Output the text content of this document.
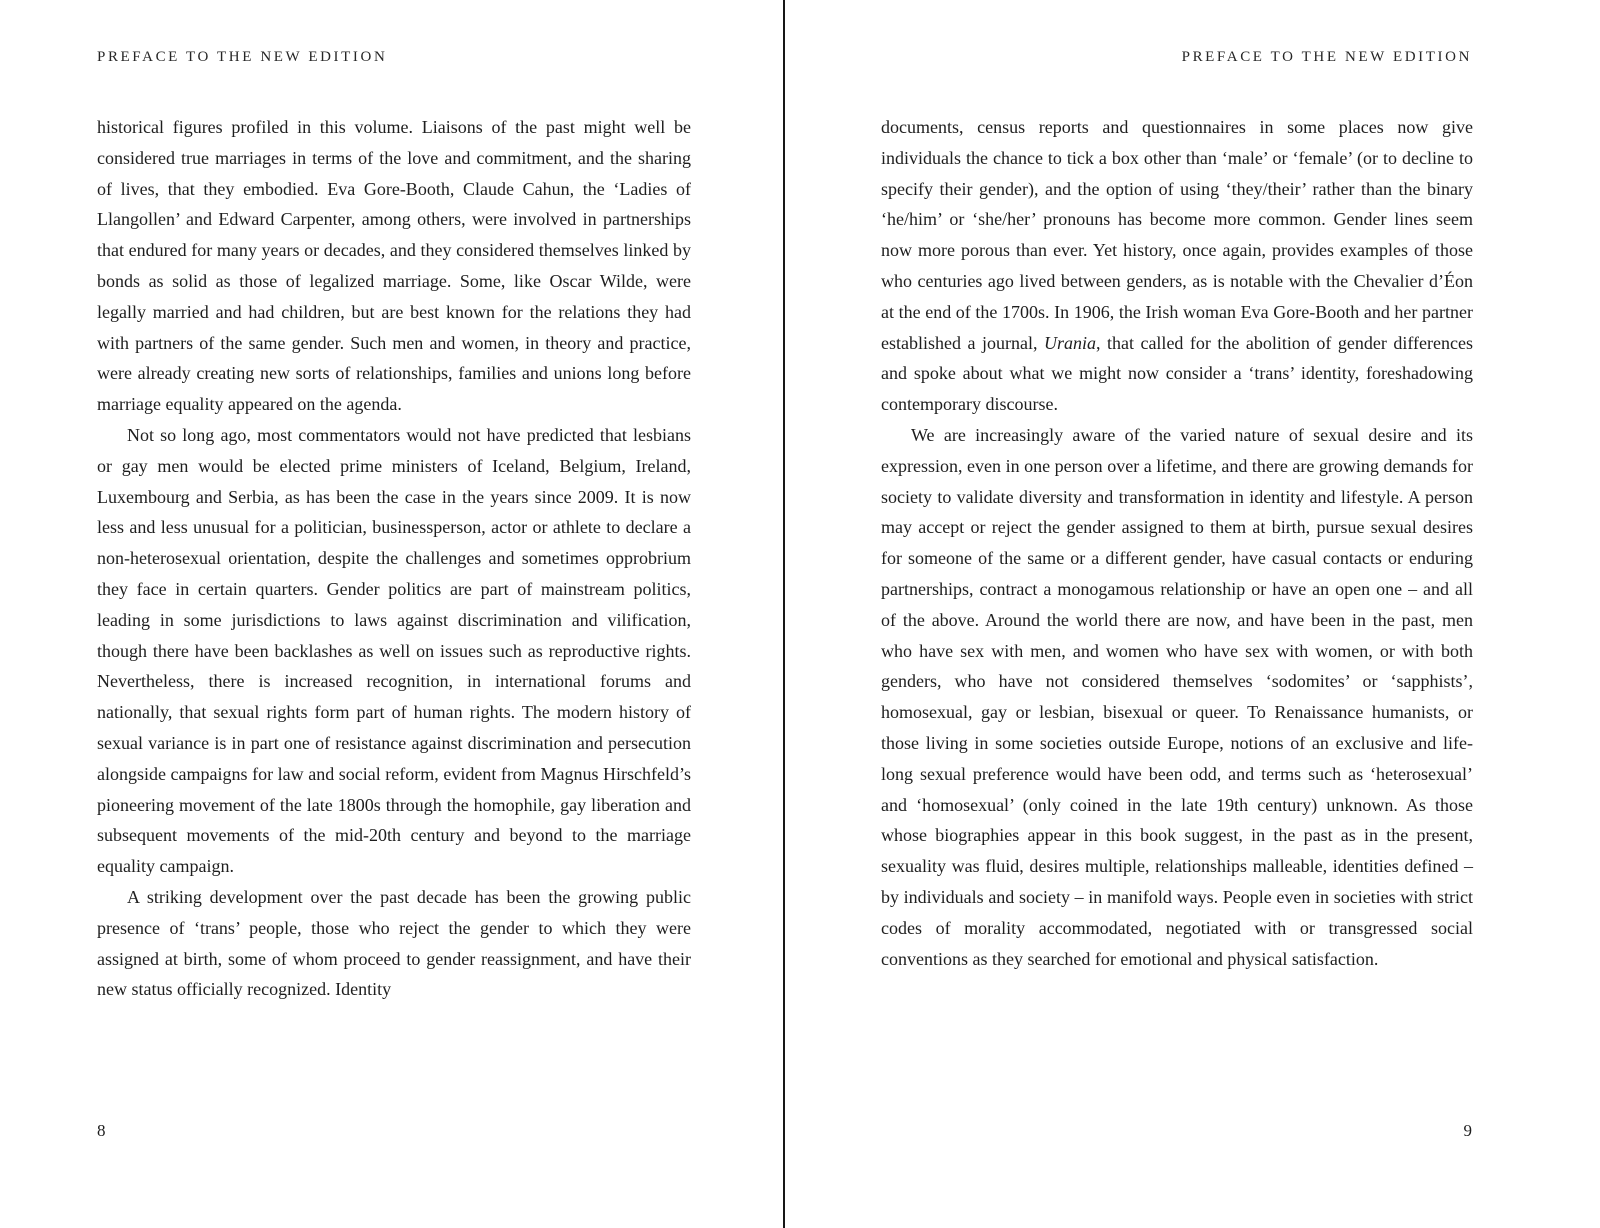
PREFACE TO THE NEW EDITION

historical figures profiled in this volume. Liaisons of the past might well be considered true marriages in terms of the love and commitment, and the sharing of lives, that they embodied. Eva Gore-Booth, Claude Cahun, the ‘Ladies of Llangollen’ and Edward Carpenter, among others, were involved in partnerships that endured for many years or decades, and they considered themselves linked by bonds as solid as those of legalized marriage. Some, like Oscar Wilde, were legally married and had children, but are best known for the relations they had with partners of the same gender. Such men and women, in theory and practice, were already creating new sorts of relationships, families and unions long before marriage equality appeared on the agenda.

Not so long ago, most commentators would not have predicted that lesbians or gay men would be elected prime ministers of Iceland, Belgium, Ireland, Luxembourg and Serbia, as has been the case in the years since 2009. It is now less and less unusual for a politician, businessperson, actor or athlete to declare a non-heterosexual orientation, despite the challenges and sometimes opprobrium they face in certain quarters. Gender politics are part of mainstream politics, leading in some jurisdictions to laws against discrimination and vilification, though there have been backlashes as well on issues such as reproductive rights. Nevertheless, there is increased recognition, in international forums and nationally, that sexual rights form part of human rights. The modern history of sexual variance is in part one of resistance against discrimination and persecution alongside campaigns for law and social reform, evident from Magnus Hirschfeld’s pioneering movement of the late 1800s through the homophile, gay liberation and subsequent movements of the mid-20th century and beyond to the marriage equality campaign.

A striking development over the past decade has been the growing public presence of ‘trans’ people, those who reject the gender to which they were assigned at birth, some of whom proceed to gender reassignment, and have their new status officially recognized. Identity

8
PREFACE TO THE NEW EDITION

documents, census reports and questionnaires in some places now give individuals the chance to tick a box other than ‘male’ or ‘female’ (or to decline to specify their gender), and the option of using ‘they/their’ rather than the binary ‘he/him’ or ‘she/her’ pronouns has become more common. Gender lines seem now more porous than ever. Yet history, once again, provides examples of those who centuries ago lived between genders, as is notable with the Chevalier d’Éon at the end of the 1700s. In 1906, the Irish woman Eva Gore-Booth and her partner established a journal, Urania, that called for the abolition of gender differences and spoke about what we might now consider a ‘trans’ identity, foreshadowing contemporary discourse.

We are increasingly aware of the varied nature of sexual desire and its expression, even in one person over a lifetime, and there are growing demands for society to validate diversity and transformation in identity and lifestyle. A person may accept or reject the gender assigned to them at birth, pursue sexual desires for someone of the same or a different gender, have casual contacts or enduring partnerships, contract a monogamous relationship or have an open one – and all of the above. Around the world there are now, and have been in the past, men who have sex with men, and women who have sex with women, or with both genders, who have not considered themselves ‘sodomites’ or ‘sapphists’, homosexual, gay or lesbian, bisexual or queer. To Renaissance humanists, or those living in some societies outside Europe, notions of an exclusive and life-long sexual preference would have been odd, and terms such as ‘heterosexual’ and ‘homosexual’ (only coined in the late 19th century) unknown. As those whose biographies appear in this book suggest, in the past as in the present, sexuality was fluid, desires multiple, relationships malleable, identities defined – by individuals and society – in manifold ways. People even in societies with strict codes of morality accommodated, negotiated with or transgressed social conventions as they searched for emotional and physical satisfaction.

9
